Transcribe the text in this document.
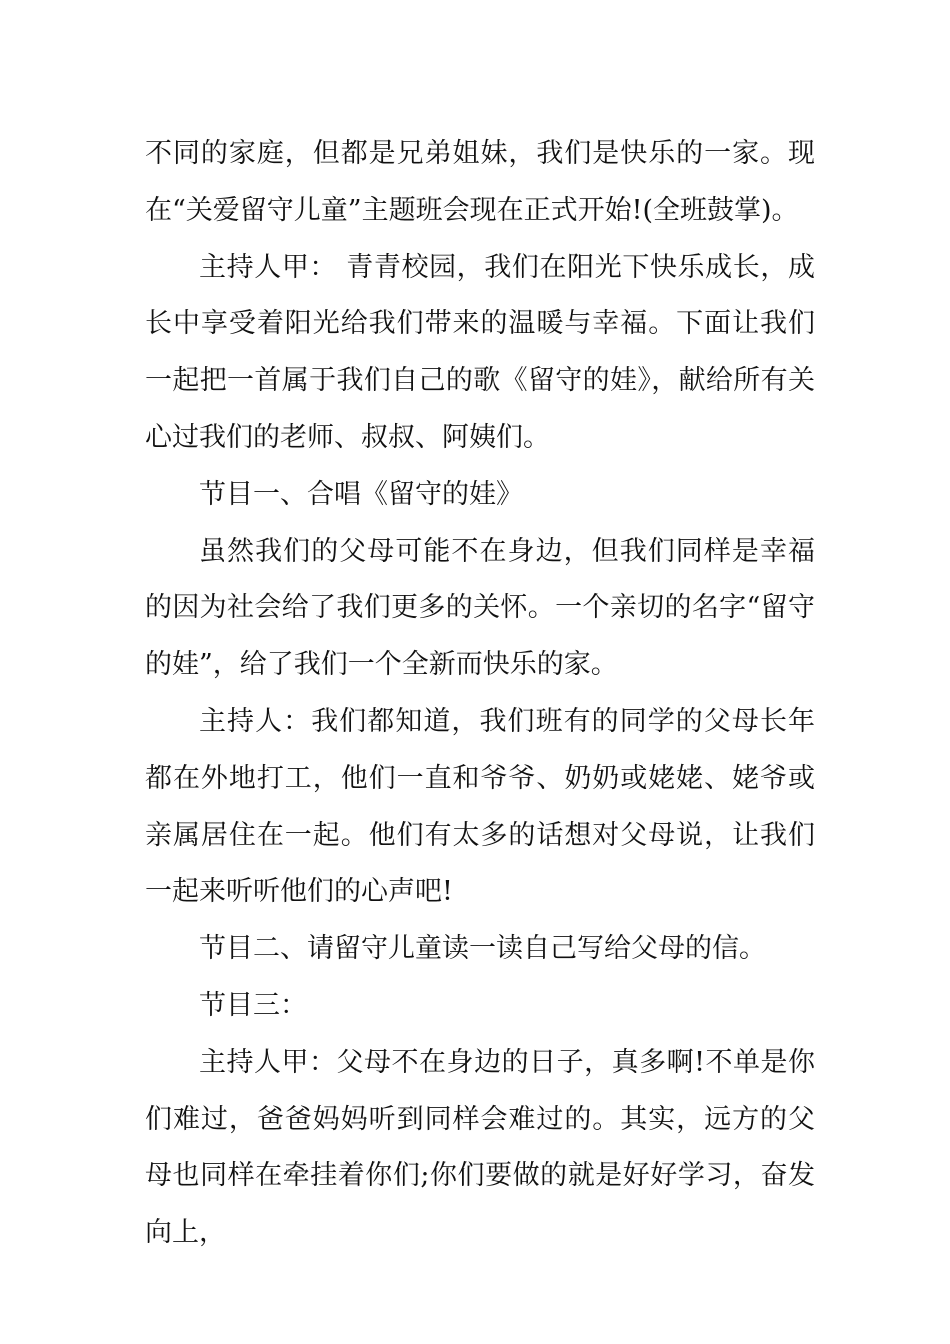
不同的家庭，但都是兄弟姐妹，我们是快乐的一家。现在“关爱留守儿童”主题班会现在正式开始!(全班鼓掌)。

主持人甲： 青青校园，我们在阳光下快乐成长，成长中享受着阳光给我们带来的温暖与幸福。下面让我们一起把一首属于我们自己的歌《留守的娃》，献给所有关心过我们的老师、叔叔、阿姨们。

节目一、合唱《留守的娃》

虽然我们的父母可能不在身边，但我们同样是幸福的因为社会给了我们更多的关怀。一个亲切的名字“留守的娃”，给了我们一个全新而快乐的家。

主持人：我们都知道，我们班有的同学的父母长年都在外地打工，他们一直和爷爷、奶奶或姥姥、姥爷或亲属居住在一起。他们有太多的话想对父母说，让我们一起来听听他们的心声吧!

节目二、请留守儿童读一读自己写给父母的信。

节目三：

主持人甲：父母不在身边的日子，真多啊!不单是你们难过，爸爸妈妈听到同样会难过的。其实，远方的父母也同样在牵挂着你们;你们要做的就是好好学习，奋发向上，
